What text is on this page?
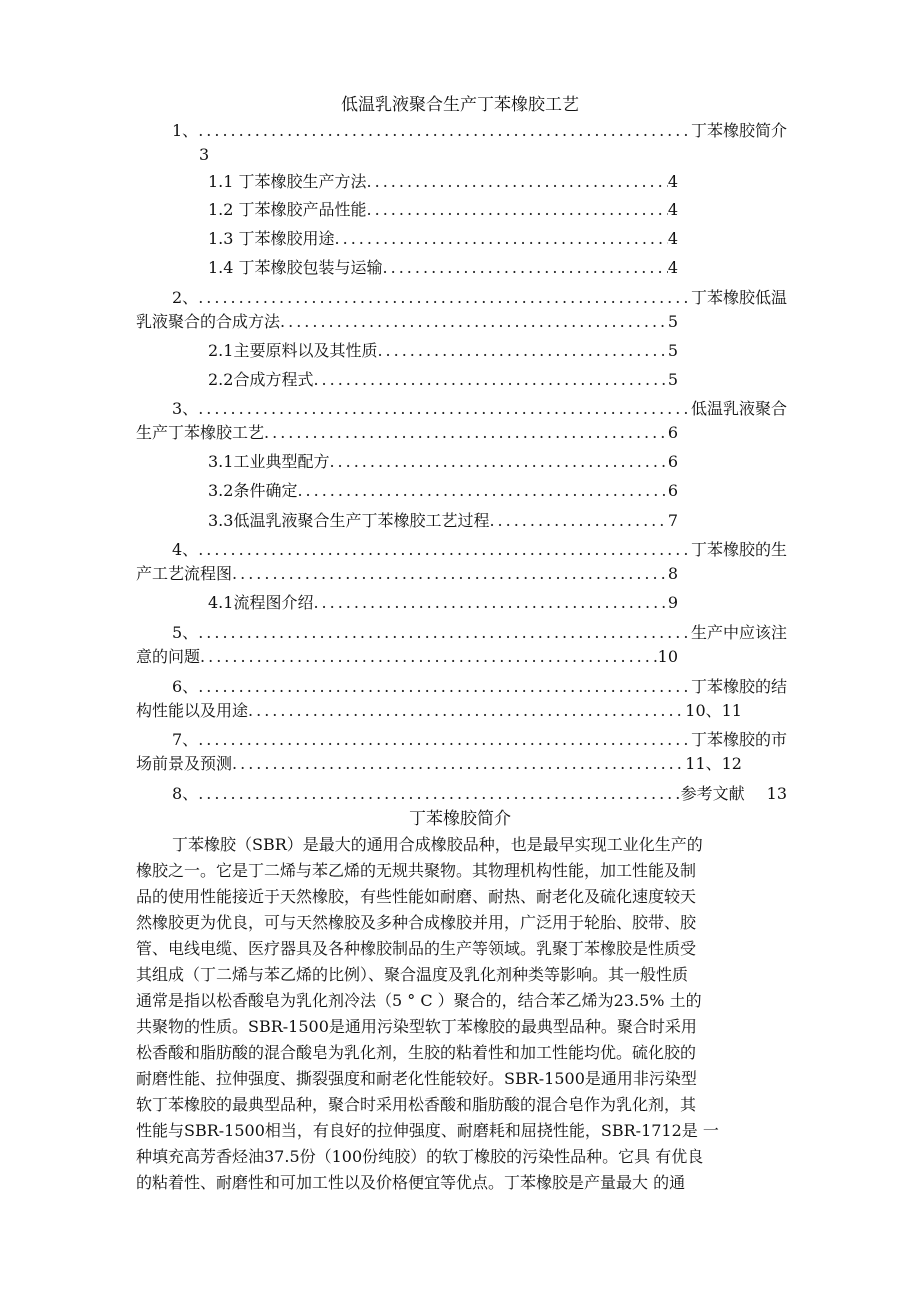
低温乳液聚合生产丁苯橡胶工艺
1、 .....	丁苯橡胶简介
3
1.1 丁苯橡胶生产方法 .....	4
1.2 丁苯橡胶产品性能 .....	4
1.3 丁苯橡胶用途 .....	4
1.4 丁苯橡胶包装与运输 .....	4
2、 .....	丁苯橡胶低温
乳液聚合的合成方法 .....	5
2.1主要原料以及其性质 .....	5
2.2合成方程式 .....	5
3、 .....	低温乳液聚合
生产丁苯橡胶工艺 .....	6
3.1工业典型配方 .....	6
3.2条件确定 .....	6
3.3低温乳液聚合生产丁苯橡胶工艺过程 .....	7
4、 .....	丁苯橡胶的生
产工艺流程图 .....	8
4.1流程图介绍 .....	9
5、 .....	生产中应该注
意的问题 .....	10
6、 .....	丁苯橡胶的结
构性能以及用途 .....	10、11
7、 .....	丁苯橡胶的市
场前景及预测 .....	11、12
8、 .....	参考文献 13
丁苯橡胶简介
丁苯橡胶（SBR）是最大的通用合成橡胶品种，也是最早实现工业化生产的
橡胶之一。它是丁二烯与苯乙烯的无规共聚物。其物理机构性能，加工性能及制
品的使用性能接近于天然橡胶，有些性能如耐磨、耐热、耐老化及硫化速度较天
然橡胶更为优良，可与天然橡胶及多种合成橡胶并用，广泛用于轮胎、胶带、胶
管、电线电缆、医疗器具及各种橡胶制品的生产等领域。乳聚丁苯橡胶是性质受
其组成（丁二烯与苯乙烯的比例）、聚合温度及乳化剂种类等影响。其一般性质
通常是指以松香酸皂为乳化剂冷法（5 ° C ）聚合的，结合苯乙烯为23.5% 土的
共聚物的性质。SBR-1500是通用污染型软丁苯橡胶的最典型品种。聚合时采用
松香酸和脂肪酸的混合酸皂为乳化剂，生胶的粘着性和加工性能均优。硫化胶的
耐磨性能、拉伸强度、撕裂强度和耐老化性能较好。SBR-1500是通用非污染型
软丁苯橡胶的最典型品种，聚合时采用松香酸和脂肪酸的混合皂作为乳化剂，其
性能与SBR-1500相当，有良好的拉伸强度、耐磨耗和屈挠性能，SBR-1712是 一
种填充高芳香烃油37.5份（100份纯胶）的软丁橡胶的污染性品种。它具 有优良
的粘着性、耐磨性和可加工性以及价格便宜等优点。丁苯橡胶是产量最大 的通
